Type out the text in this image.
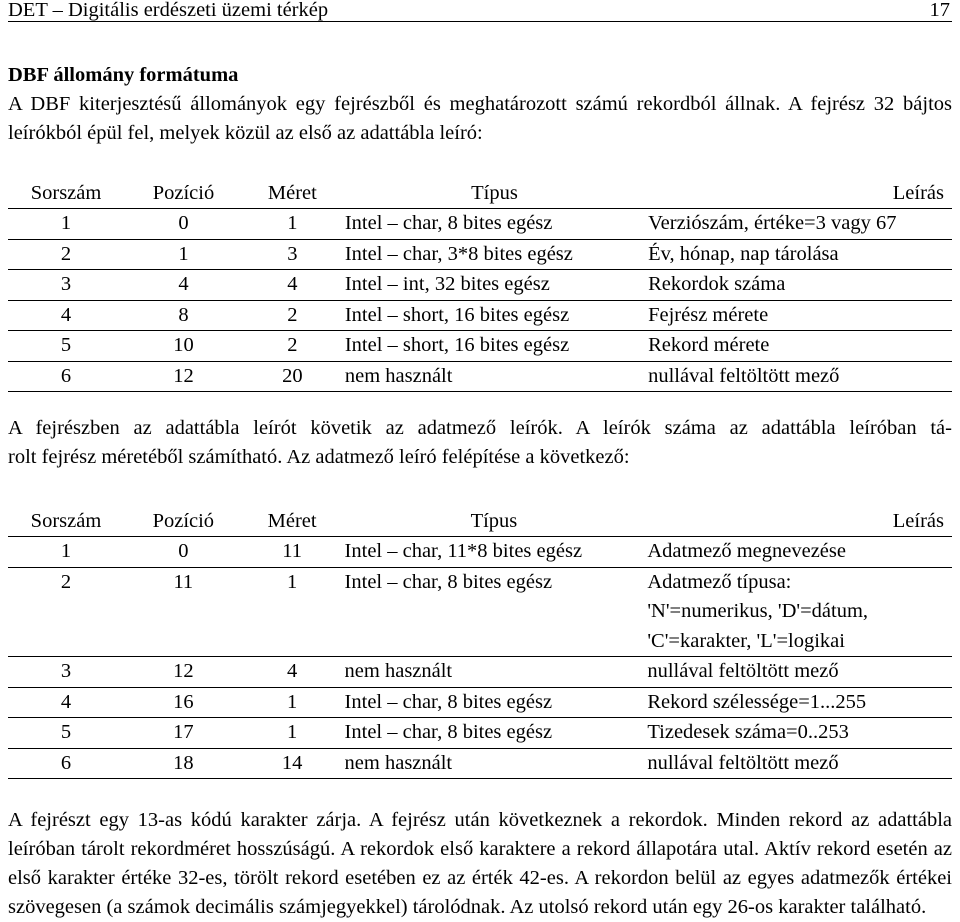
DET – Digitális erdészeti üzemi térkép	17
DBF állomány formátuma

A DBF kiterjesztésű állományok egy fejrészből és meghatározott számú rekordból állnak. A fejrész 32 bájtos leírókból épül fel, melyek közül az első az adattábla leíró:

Sorszám	Pozíció	Méret	Típus	Leírás
1	0	1	Intel – char, 8 bites egész	Verziószám, értéke=3 vagy 67
2	1	3	Intel – char, 3*8 bites egész	Év, hónap, nap tárolása
3	4	4	Intel – int, 32 bites egész	Rekordok száma
4	8	2	Intel – short, 16 bites egész	Fejrész mérete
5	10	2	Intel – short, 16 bites egész	Rekord mérete
6	12	20	nem használt	nullával feltöltött mező

A fejrészben az adattábla leírót követik az adatmező leírók. A leírók száma az adattábla leíróban tá-

rolt fejrész méretéből számítható. Az adatmező leíró felépítése a következő:

Sorszám	Pozíció	Méret	Típus	Leírás
1	0	11	Intel – char, 11*8 bites egész	Adatmező megnevezése
2	11	1	Intel – char, 8 bites egész	Adatmező típusa:
				'N'=numerikus, 'D'=dátum,
				'C'=karakter, 'L'=logikai
3	12	4	nem használt	nullával feltöltött mező
4	16	1	Intel – char, 8 bites egész	Rekord szélessége=1...255
5	17	1	Intel – char, 8 bites egész	Tizedesek száma=0..253
6	18	14	nem használt	nullával feltöltött mező

A fejrészt egy 13-as kódú karakter zárja. A fejrész után következnek a rekordok. Minden rekord az adattábla leíróban tárolt rekordméret hosszúságú. A rekordok első karaktere a rekord állapotára utal. Aktív rekord esetén az első karakter értéke 32-es, törölt rekord esetében ez az érték 42-es. A rekordon belül az egyes adatmezők értékei szövegesen (a számok decimális számjegyekkel) tárolódnak. Az utolsó rekord után egy 26-os karakter található.
